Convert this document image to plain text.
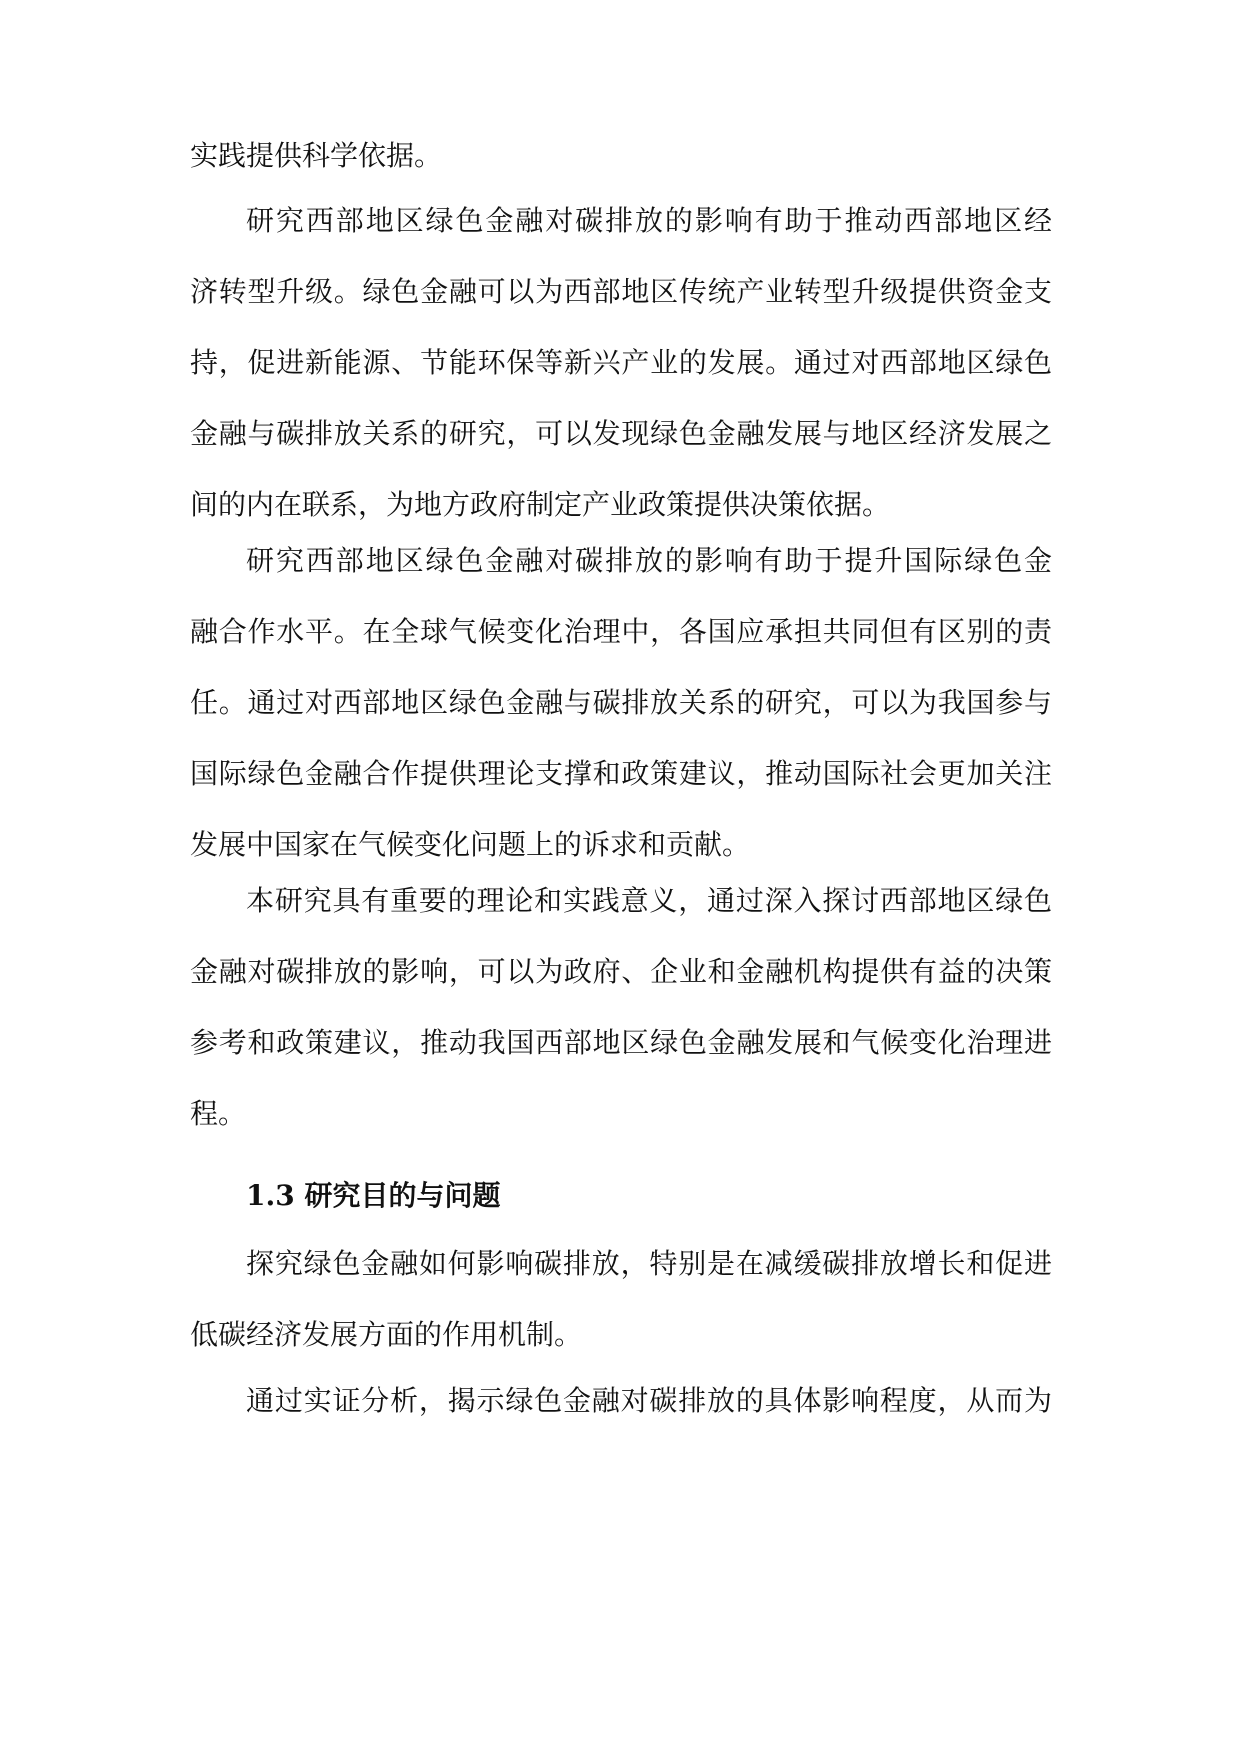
实践提供科学依据。
研究西部地区绿色金融对碳排放的影响有助于推动西部地区经
济转型升级。绿色金融可以为西部地区传统产业转型升级提供资金支
持，促进新能源、节能环保等新兴产业的发展。通过对西部地区绿色
金融与碳排放关系的研究，可以发现绿色金融发展与地区经济发展之
间的内在联系，为地方政府制定产业政策提供决策依据。
研究西部地区绿色金融对碳排放的影响有助于提升国际绿色金
融合作水平。在全球气候变化治理中，各国应承担共同但有区别的责
任。通过对西部地区绿色金融与碳排放关系的研究，可以为我国参与
国际绿色金融合作提供理论支撑和政策建议，推动国际社会更加关注
发展中国家在气候变化问题上的诉求和贡献。
本研究具有重要的理论和实践意义，通过深入探讨西部地区绿色
金融对碳排放的影响，可以为政府、企业和金融机构提供有益的决策
参考和政策建议，推动我国西部地区绿色金融发展和气候变化治理进
程。
1.3 研究目的与问题
探究绿色金融如何影响碳排放，特别是在减缓碳排放增长和促进
低碳经济发展方面的作用机制。
通过实证分析，揭示绿色金融对碳排放的具体影响程度，从而为
